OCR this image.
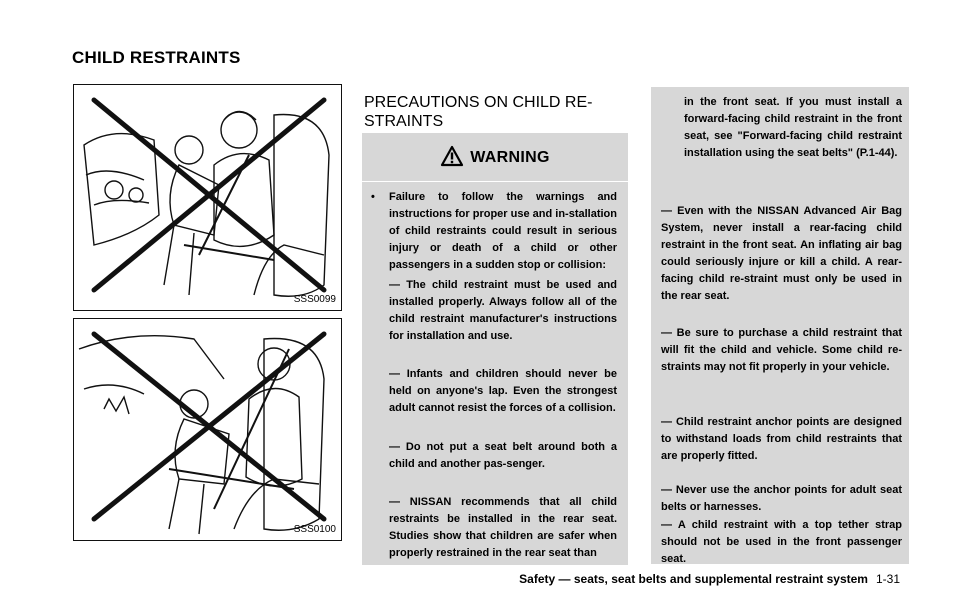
CHILD RESTRAINTS
SSS0099
SSS0100
PRECAUTIONS ON CHILD RE-
STRAINTS
WARNING
• Failure to follow the warnings and instructions for proper use and in-stallation of child restraints could result in serious injury or death of a child or other passengers in a sudden stop or collision:
— The child restraint must be used and installed properly. Always follow all of the child restraint manufacturer's instructions for installation and use.
— Infants and children should never be held on anyone's lap. Even the strongest adult cannot resist the forces of a collision.
— Do not put a seat belt around both a child and another pas-senger.
— NISSAN recommends that all child restraints be installed in the rear seat. Studies show that children are safer when properly restrained in the rear seat than
in the front seat. If you must install a forward-facing child restraint in the front seat, see "Forward-facing child restraint installation using the seat belts" (P.1-44).
— Even with the NISSAN Advanced Air Bag System, never install a rear-facing child restraint in the front seat. An inflating air bag could seriously injure or kill a child. A rear-facing child re-straint must only be used in the rear seat.
— Be sure to purchase a child restraint that will fit the child and vehicle. Some child re-straints may not fit properly in your vehicle.
— Child restraint anchor points are designed to withstand loads from child restraints that are properly fitted.
— Never use the anchor points for adult seat belts or harnesses.
— A child restraint with a top tether strap should not be used in the front passenger seat.
Safety — seats, seat belts and supplemental restraint system 1-31
